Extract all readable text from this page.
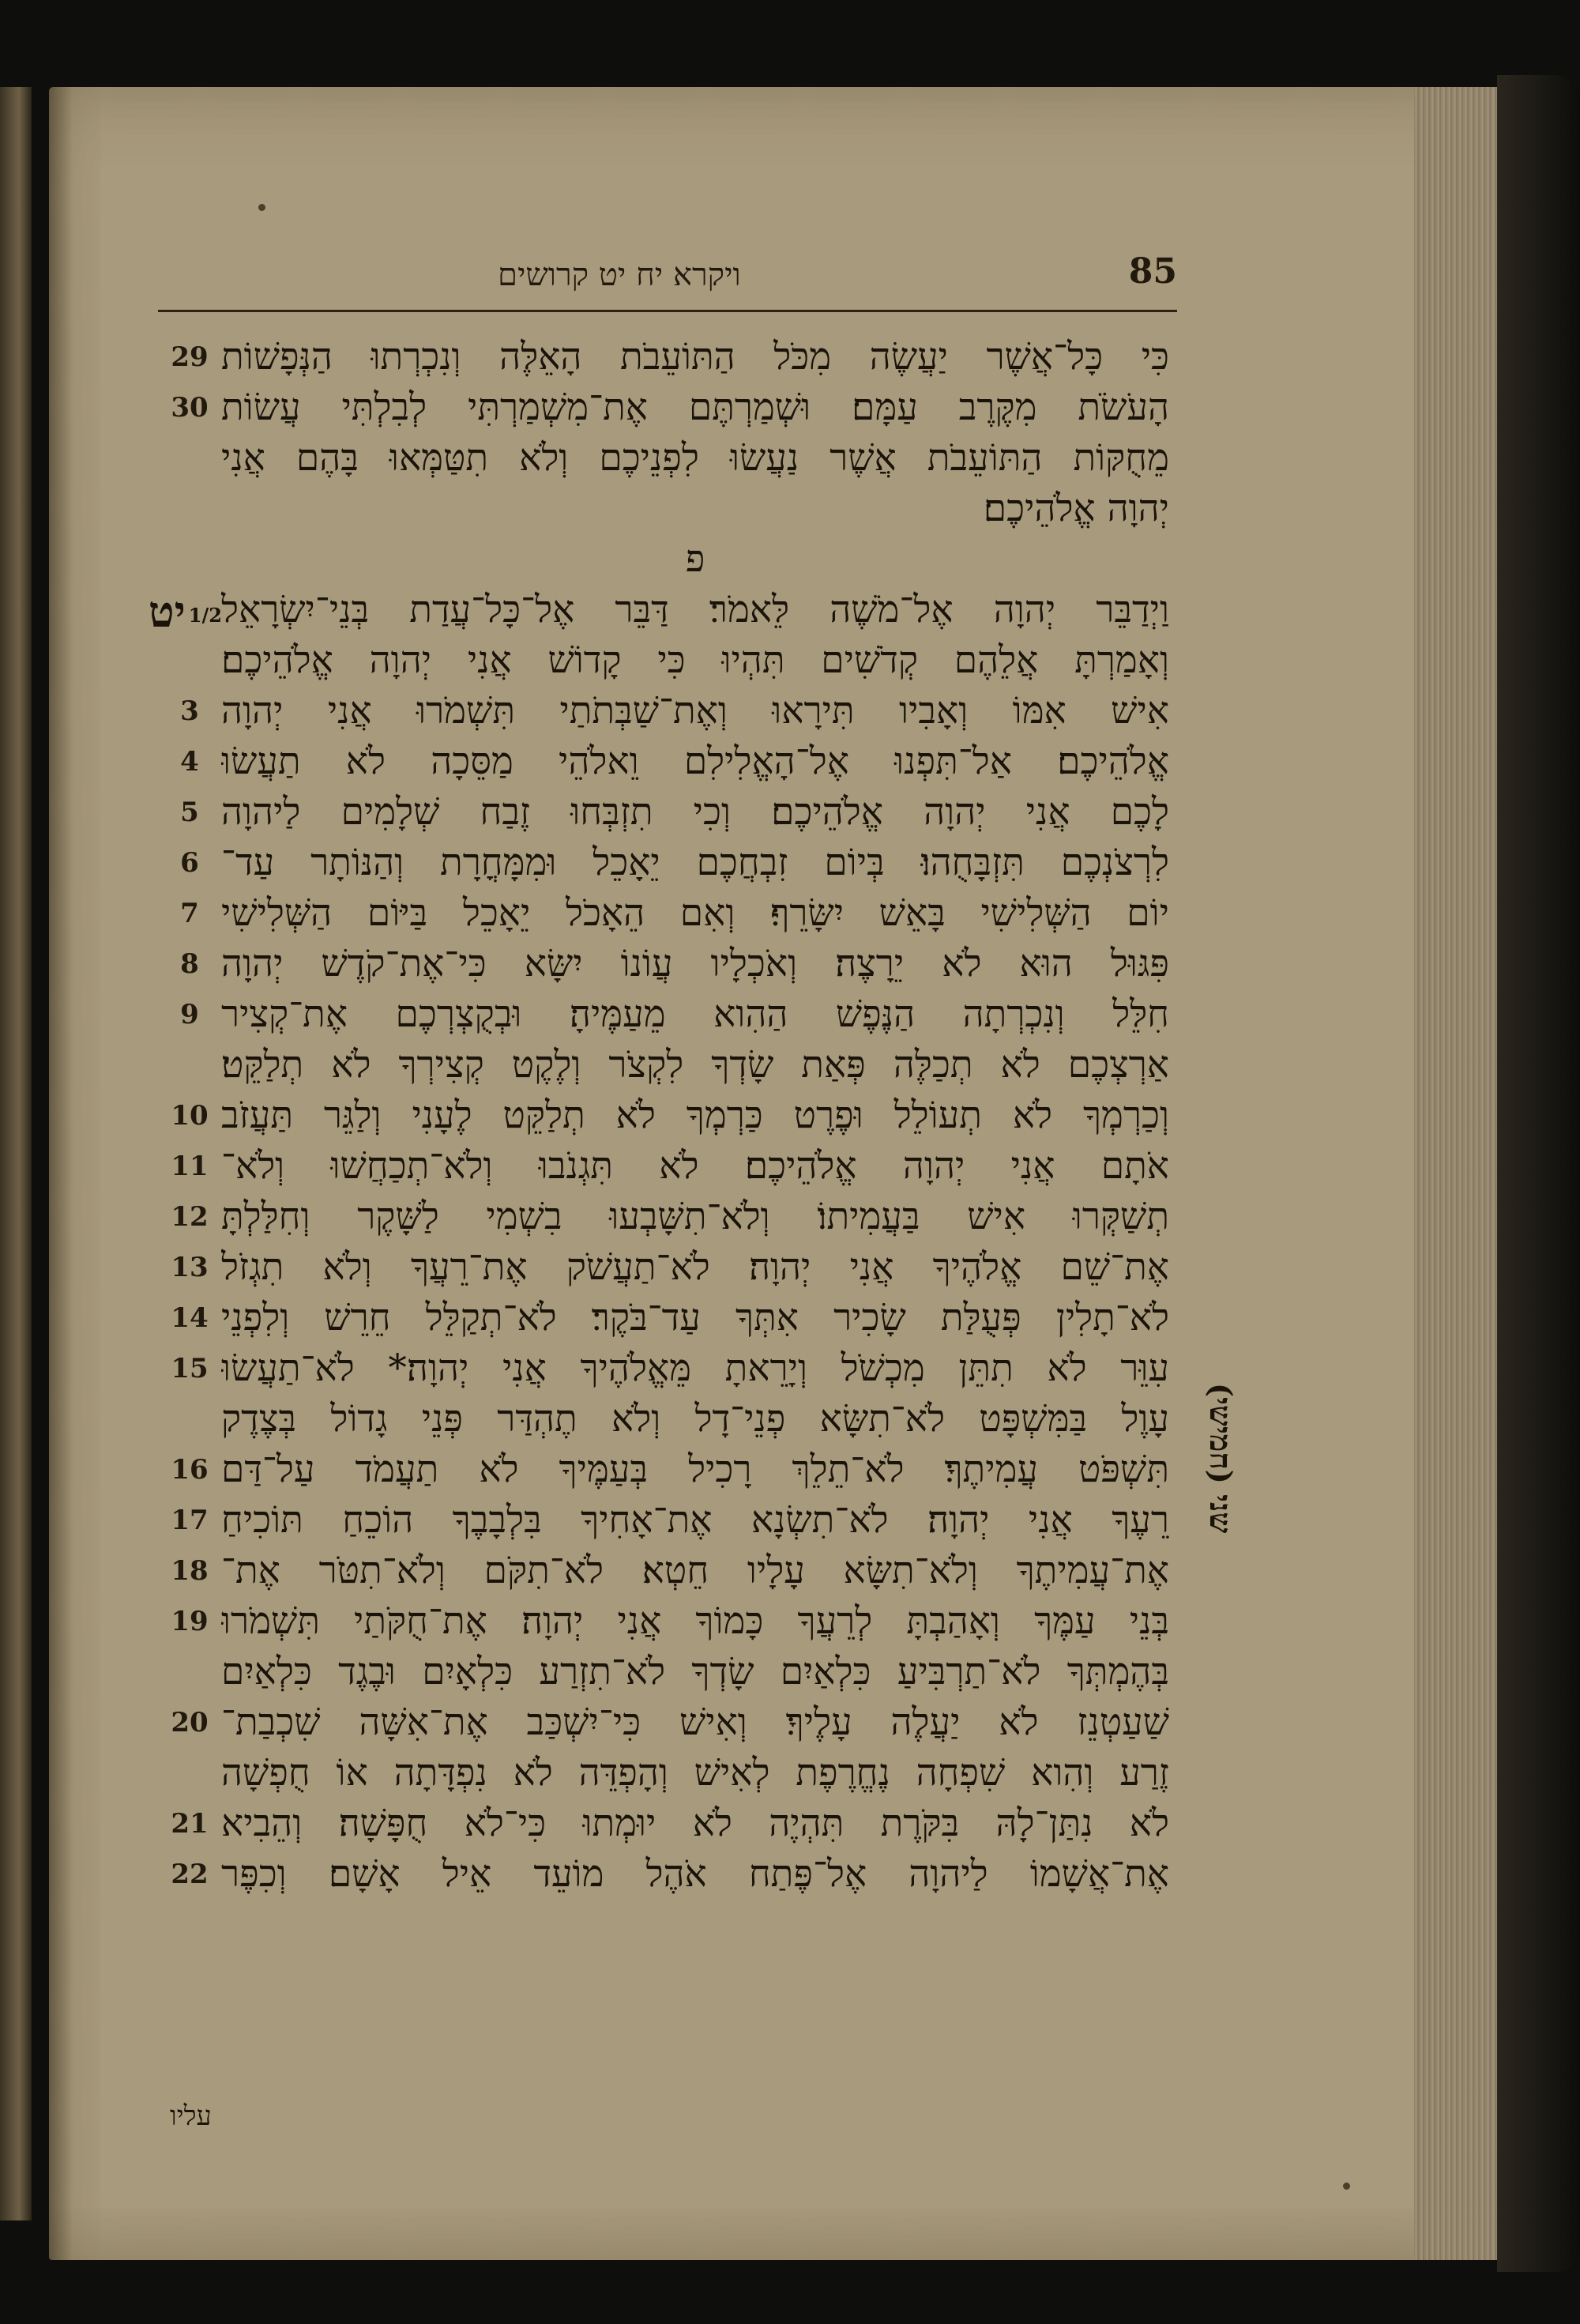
ויקרא יח יט קרושים	85
29
30
3
4
5
6
7
8
9
10
11
12
13
14
15
16
17
18
19
20
21
22
כִּי כָּל־אֲשֶׁר יַעֲשֶׂה מִכֹּל הַתּוֹעֵבֹת הָאֵלֶּה וְנִכְרְתוּ הַנְּפָשׁוֹת
הָעֹשֹׂת מִקֶּרֶב עַמָּם׃ וּשְׁמַרְתֶּם אֶת־מִשְׁמַרְתִּי לְבִלְתִּי עֲשׂוֹת
מֵחֻקּוֹת הַתּוֹעֵבֹת אֲשֶׁר נַעֲשׂוּ לִפְנֵיכֶם וְלֹא תִטַּמְּאוּ בָּהֶם אֲנִי
יְהוָה אֱלֹהֵיכֶם׃
פ
וַיְדַבֵּר יְהוָה אֶל־מֹשֶׁה לֵּאמֹר׃ דַּבֵּר אֶל־כָּל־עֲדַת בְּנֵי־יִשְׂרָאֵל
וְאָמַרְתָּ אֲלֵהֶם קְדֹשִׁים תִּהְיוּ כִּי קָדוֹשׁ אֲנִי יְהוָה אֱלֹהֵיכֶם׃
אִישׁ אִמּוֹ וְאָבִיו תִּירָאוּ וְאֶת־שַׁבְּתֹתַי תִּשְׁמֹרוּ אֲנִי יְהוָה
אֱלֹהֵיכֶם׃ אַל־תִּפְנוּ אֶל־הָאֱלִילִם וֵאלֹהֵי מַסֵּכָה לֹא תַעֲשׂוּ
לָכֶם אֲנִי יְהוָה אֱלֹהֵיכֶם׃ וְכִי תִזְבְּחוּ זֶבַח שְׁלָמִים לַיהוָה
לִרְצֹנְכֶם תִּזְבָּחֻהוּ׃ בְּיוֹם זִבְחֲכֶם יֵאָכֵל וּמִמָּחֳרָת וְהַנּוֹתָר עַד־
יוֹם הַשְּׁלִישִׁי בָּאֵשׁ יִשָּׂרֵף׃ וְאִם הֵאָכֹל יֵאָכֵל בַּיּוֹם הַשְּׁלִישִׁי
פִּגּוּל הוּא לֹא יֵרָצֶה׃ וְאֹכְלָיו עֲוֹנוֹ יִשָּׂא כִּי־אֶת־קֹדֶשׁ יְהוָה
חִלֵּל וְנִכְרְתָה הַנֶּפֶשׁ הַהִוא מֵעַמֶּיהָ׃ וּבְקֻצְרְכֶם אֶת־קְצִיר
אַרְצְכֶם לֹא תְכַלֶּה פְּאַת שָׂדְךָ לִקְצֹר וְלֶקֶט קְצִירְךָ לֹא תְלַקֵּט׃
וְכַרְמְךָ לֹא תְעוֹלֵל וּפֶרֶט כַּרְמְךָ לֹא תְלַקֵּט לֶעָנִי וְלַגֵּר תַּעֲזֹב
אֹתָם אֲנִי יְהוָה אֱלֹהֵיכֶם׃ לֹא תִּגְנֹבוּ וְלֹא־תְכַחֲשׁוּ וְלֹא־
תְשַׁקְּרוּ אִישׁ בַּעֲמִיתוֹ׃ וְלֹא־תִשָּׁבְעוּ בִשְׁמִי לַשָּׁקֶר וְחִלַּלְתָּ
אֶת־שֵׁם אֱלֹהֶיךָ אֲנִי יְהוָה׃ לֹא־תַעֲשֹׁק אֶת־רֵעֲךָ וְלֹא תִגְזֹל
לֹא־תָלִין פְּעֻלַּת שָׂכִיר אִתְּךָ עַד־בֹּקֶר׃ לֹא־תְקַלֵּל חֵרֵשׁ וְלִפְנֵי
עִוֵּר לֹא תִתֵּן מִכְשֹׁל וְיָרֵאתָ מֵּאֱלֹהֶיךָ אֲנִי יְהוָה׃* לֹא־תַעֲשׂוּ
עָוֶל בַּמִּשְׁפָּט לֹא־תִשָּׂא פְנֵי־דָל וְלֹא תֶהְדַּר פְּנֵי גָדוֹל בְּצֶדֶק
תִּשְׁפֹּט עֲמִיתֶךָ׃ לֹא־תֵלֵךְ רָכִיל בְּעַמֶּיךָ לֹא תַעֲמֹד עַל־דַּם
רֵעֶךָ אֲנִי יְהוָה׃ לֹא־תִשְׂנָא אֶת־אָחִיךָ בִּלְבָבֶךָ הוֹכֵחַ תּוֹכִיחַ
אֶת־עֲמִיתֶךָ וְלֹא־תִשָּׂא עָלָיו חֵטְא׃ לֹא־תִקֹּם וְלֹא־תִטֹּר אֶת־
בְּנֵי עַמֶּךָ וְאָהַבְתָּ לְרֵעֲךָ כָּמוֹךָ אֲנִי יְהוָה׃ אֶת־חֻקֹּתַי תִּשְׁמֹרוּ
בְּהֶמְתְּךָ לֹא־תַרְבִּיעַ כִּלְאַיִם שָׂדְךָ לֹא־תִזְרַע כִּלְאָיִם וּבֶגֶד כִּלְאַיִם
שַׁעַטְנֵז לֹא יַעֲלֶה עָלֶיךָ׃ וְאִישׁ כִּי־יִשְׁכַּב אֶת־אִשָּׁה שִׁכְבַת־
זֶרַע וְהִוא שִׁפְחָה נֶחֱרֶפֶת לְאִישׁ וְהָפְדֵּה לֹא נִפְדָּתָה אוֹ חֻפְשָׁה
לֹא נִתַּן־לָהּ בִּקֹּרֶת תִּהְיֶה לֹא יוּמְתוּ כִּי־לֹא חֻפָּשָׁה׃ וְהֵבִיא
אֶת־אֲשָׁמוֹ לַיהוָה אֶל־פֶּתַח אֹהֶל מוֹעֵד אֵיל אָשָׁם׃ וְכִפֶּר
1/2יט
שני (חמישי)
עליו
